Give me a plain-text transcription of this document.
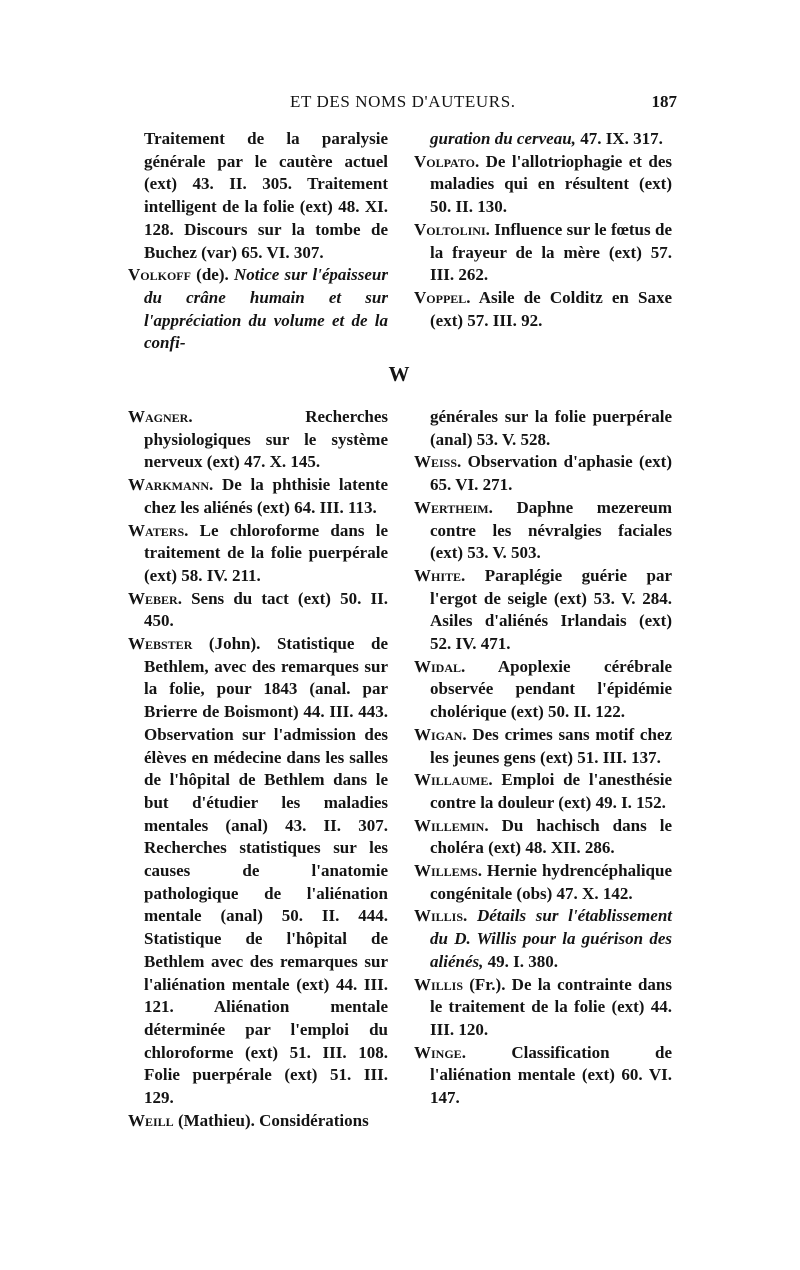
ET DES NOMS D'AUTEURS.	187

Traitement de la paralysie générale par le cautère actuel (ext) 43. II. 305. Traitement intelligent de la folie (ext) 48. XI. 128. Discours sur la tombe de Buchez (var) 65. VI. 307.

Volkoff (de). Notice sur l'épaisseur du crâne humain et sur l'appréciation du volume et de la confi-

guration du cerveau, 47. IX. 317.

Volpato. De l'allotriophagie et des maladies qui en résultent (ext) 50. II. 130.

Voltolini. Influence sur le fœtus de la frayeur de la mère (ext) 57. III. 262.

Voppel. Asile de Colditz en Saxe (ext) 57. III. 92.

W

Wagner. Recherches physiologiques sur le système nerveux (ext) 47. X. 145.

Warkmann. De la phthisie latente chez les aliénés (ext) 64. III. 113.

Waters. Le chloroforme dans le traitement de la folie puerpérale (ext) 58. IV. 211.

Weber. Sens du tact (ext) 50. II. 450.

Webster (John). Statistique de Bethlem, avec des remarques sur la folie, pour 1843 (anal. par Brierre de Boismont) 44. III. 443. Observation sur l'admission des élèves en médecine dans les salles de l'hôpital de Bethlem dans le but d'étudier les maladies mentales (anal) 43. II. 307. Recherches statistiques sur les causes de l'anatomie pathologique de l'aliénation mentale (anal) 50. II. 444. Statistique de l'hôpital de Bethlem avec des remarques sur l'aliénation mentale (ext) 44. III. 121. Aliénation mentale déterminée par l'emploi du chloroforme (ext) 51. III. 108. Folie puerpérale (ext) 51. III. 129.

Weill (Mathieu). Considérations

générales sur la folie puerpérale (anal) 53. V. 528.

Weiss. Observation d'aphasie (ext) 65. VI. 271.

Wertheim. Daphne mezereum contre les névralgies faciales (ext) 53. V. 503.

White. Paraplégie guérie par l'ergot de seigle (ext) 53. V. 284. Asiles d'aliénés Irlandais (ext) 52. IV. 471.

Widal. Apoplexie cérébrale observée pendant l'épidémie cholérique (ext) 50. II. 122.

Wigan. Des crimes sans motif chez les jeunes gens (ext) 51. III. 137.

Willaume. Emploi de l'anesthésie contre la douleur (ext) 49. I. 152.

Willemin. Du hachisch dans le choléra (ext) 48. XII. 286.

Willems. Hernie hydrencéphalique congénitale (obs) 47. X. 142.

Willis. Détails sur l'établissement du D. Willis pour la guérison des aliénés, 49. I. 380.

Willis (Fr.). De la contrainte dans le traitement de la folie (ext) 44. III. 120.

Winge. Classification de l'aliénation mentale (ext) 60. VI. 147.
